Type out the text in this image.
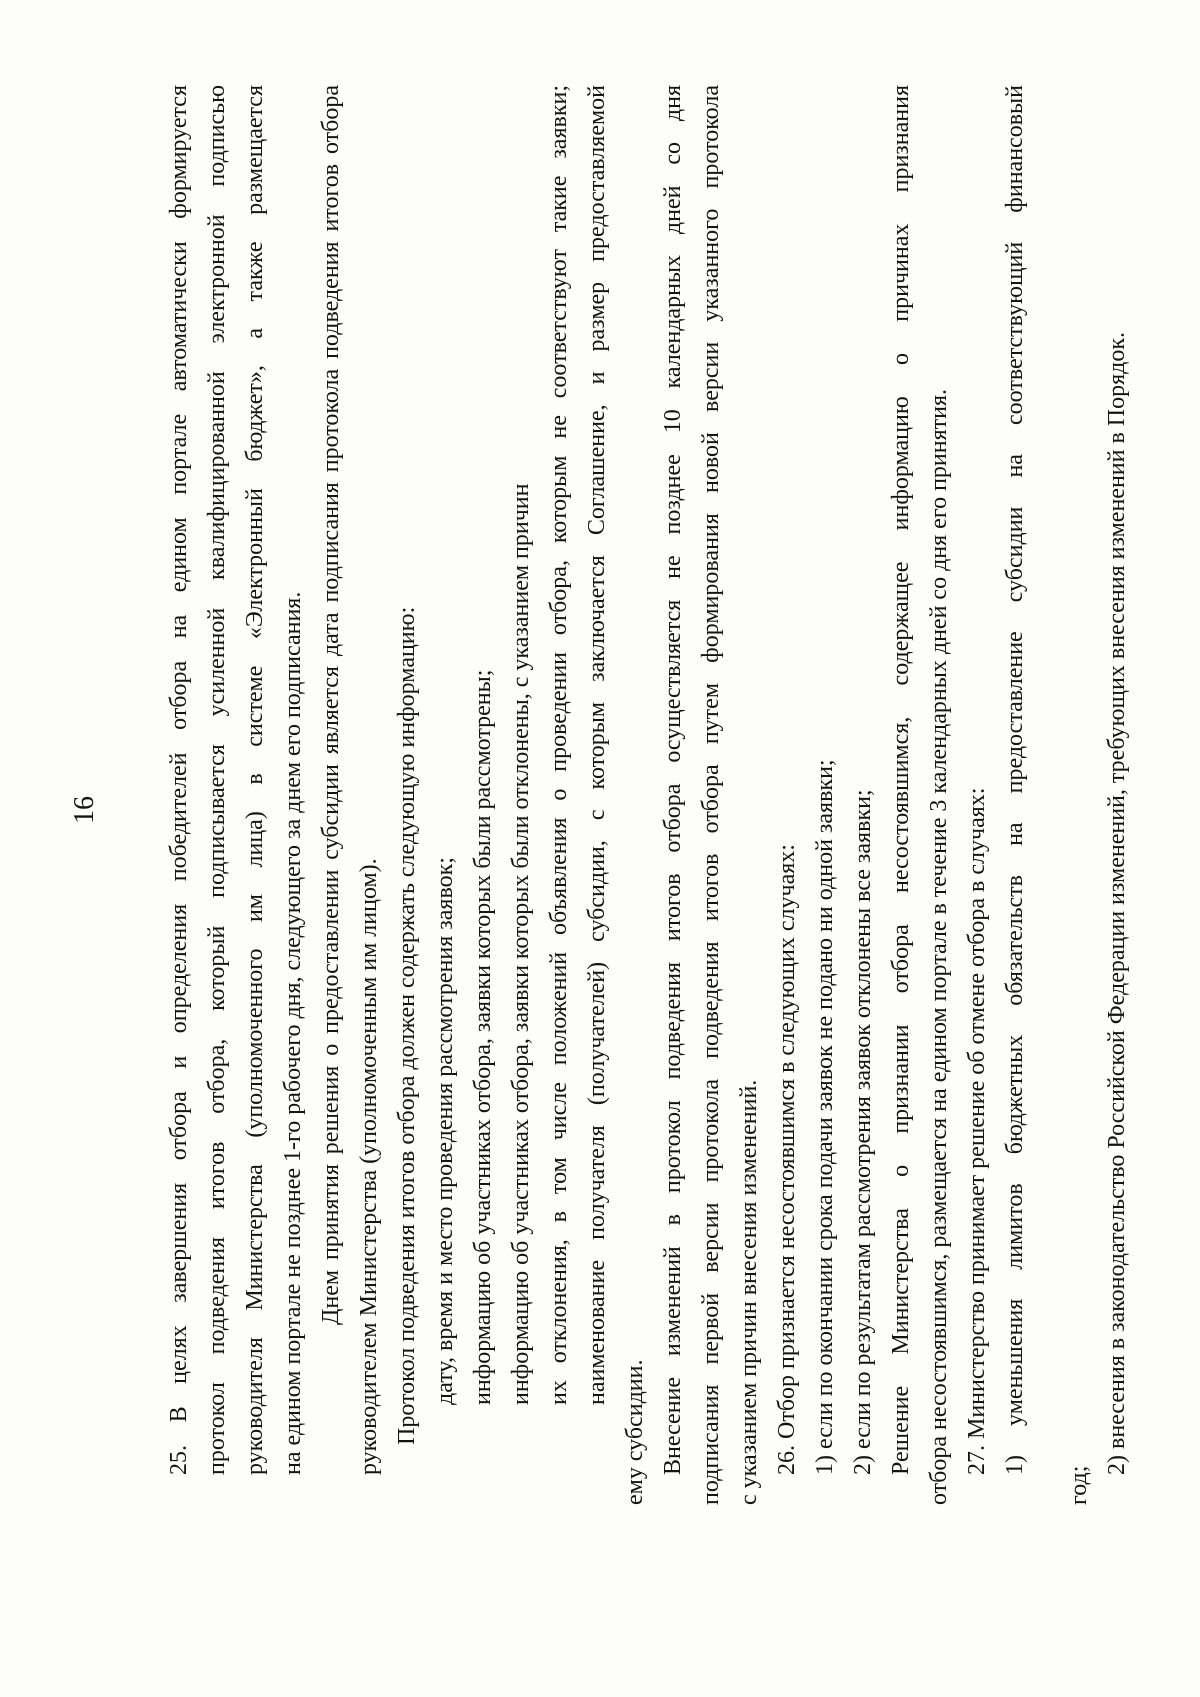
16	25. В целях завершения отбора и определения победителей отбора на едином портале автоматически формируется протокол подведения итогов отбора, который подписывается усиленной квалифицированной электронной подписью руководителя Министерства (уполномоченного им лица) в системе «Электронный бюджет», а также размещается на едином портале не позднее 1-го рабочего дня, следующего за днем его подписания. Днем принятия решения о предоставлении субсидии является дата подписания протокола подведения итогов отбора руководителем Министерства (уполномоченным им лицом). Протокол подведения итогов отбора должен содержать следующую информацию: дату, время и место проведения рассмотрения заявок; информацию об участниках отбора, заявки которых были рассмотрены; информацию об участниках отбора, заявки которых были отклонены, с указанием причин их отклонения, в том числе положений объявления о проведении отбора, которым не соответствуют такие заявки; наименование получателя (получателей) субсидии, с которым заключается Соглашение, и размер предоставляемой
ему субсидии. Внесение изменений в протокол подведения итогов отбора осуществляется не позднее 10 календарных дней со дня подписания первой версии протокола подведения итогов отбора путем формирования новой версии указанного протокола с указанием причин внесения изменений. 26. Отбор признается несостоявшимся в следующих случаях: 1) если по окончании срока подачи заявок не подано ни одной заявки; 2) если по результатам рассмотрения заявок отклонены все заявки; Решение Министерства о признании отбора несостоявшимся, содержащее информацию о причинах признания отбора несостоявшимся, размещается на едином портале в течение 3 календарных дней со дня его принятия. 27. Министерство принимает решение об отмене отбора в случаях: 1) уменьшения лимитов бюджетных обязательств на предоставление субсидии на соответствующий финансовый
год;
2) внесения в законодательство Российской Федерации изменений, требующих внесения изменений в Порядок.
